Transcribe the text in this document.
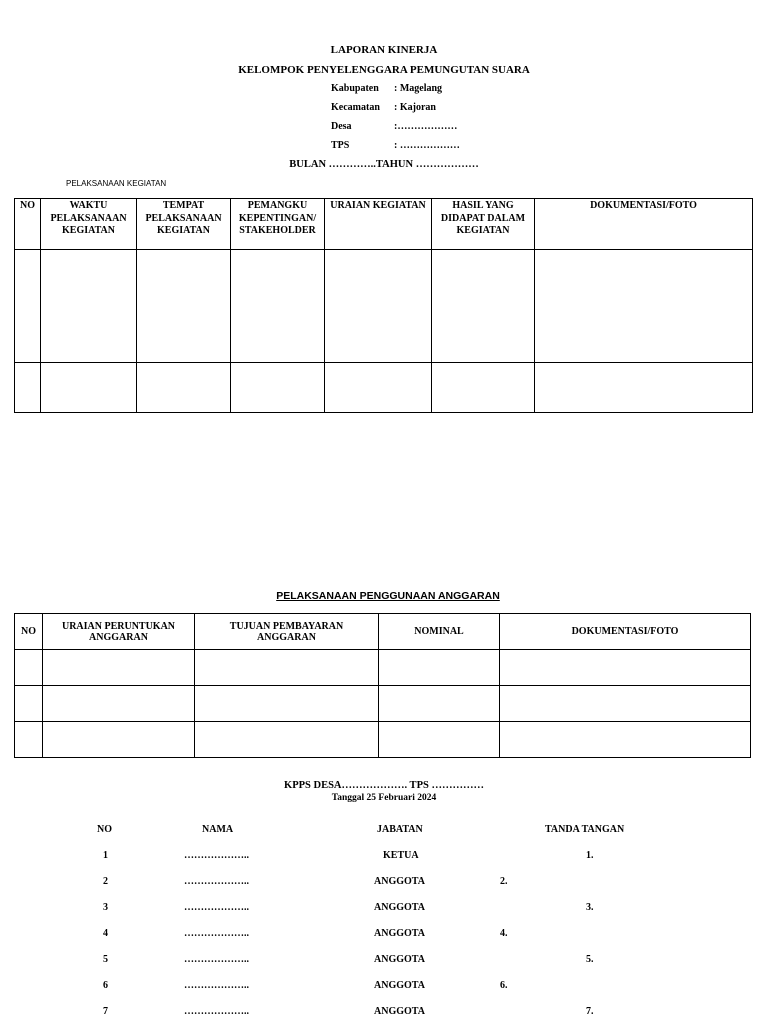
LAPORAN KINERJA
KELOMPOK PENYELENGGARA PEMUNGUTAN SUARA
Kabupaten : Magelang
Kecamatan : Kajoran
Desa	:………………
TPS	: ………………
BULAN …………..TAHUN ………………
PELAKSANAAN KEGIATAN
NO	WAKTU PELAKSANAAN KEGIATAN	TEMPAT PELAKSANAAN KEGIATAN	PEMANGKU KEPENTINGAN/ STAKEHOLDER	URAIAN KEGIATAN	HASIL YANG DIDAPAT DALAM KEGIATAN	DOKUMENTASI/FOTO

PELAKSANAAN PENGGUNAAN ANGGARAN
NO	URAIAN PERUNTUKAN ANGGARAN	TUJUAN PEMBAYARAN ANGGARAN	NOMINAL	DOKUMENTASI/FOTO

KPPS DESA………………. TPS ……………
Tanggal 25 Februari 2024
NO	NAMA	JABATAN	TANDA TANGAN
1	………………..	KETUA	1.
2	………………..	ANGGOTA	2.
3	………………..	ANGGOTA	3.
4	………………..	ANGGOTA	4.
5	………………..	ANGGOTA	5.
6	………………..	ANGGOTA	6.
7	………………..	ANGGOTA	7.
